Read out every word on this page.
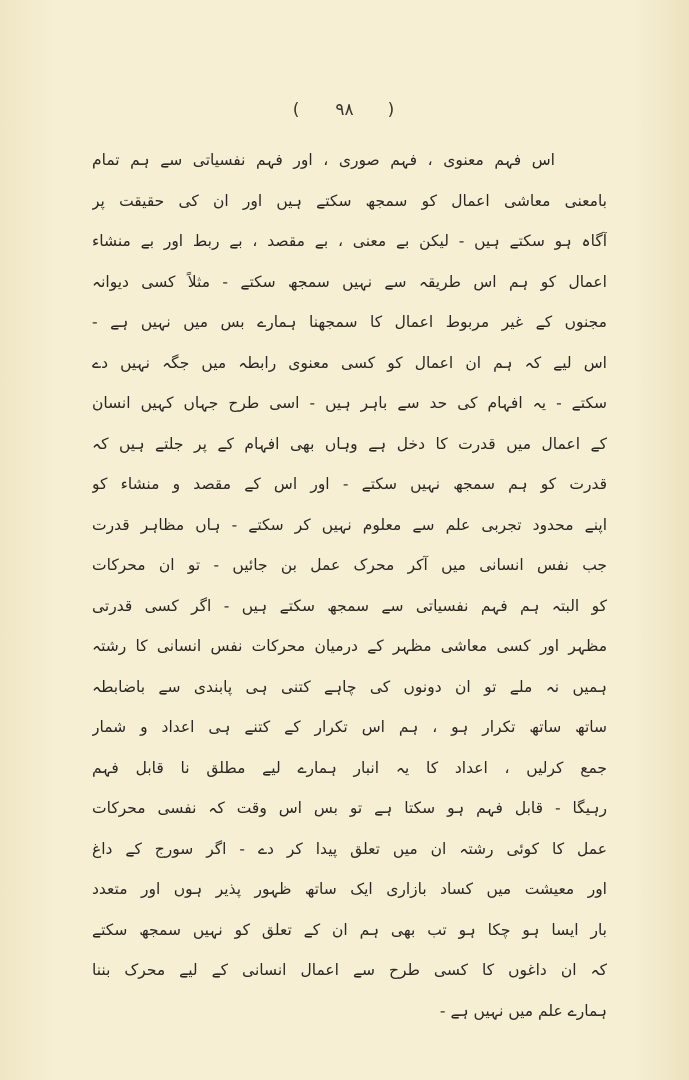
( ۹۸ )
اس فہم معنوی ، فہم صوری ، اور فہم نفسیاتی سے ہم تمام
بامعنی معاشی اعمال کو سمجھ سکتے ہیں اور ان کی حقیقت پر
آگاہ ہو سکتے ہیں - لیکن بے معنی ، بے مقصد ، بے ربط اور بے منشاء
اعمال کو ہم اس طریقہ سے نہیں سمجھ سکتے - مثلاً کسی دیوانہ
مجنوں کے غیر مربوط اعمال کا سمجھنا ہمارے بس میں نہیں ہے -
اس لیے کہ ہم ان اعمال کو کسی معنوی رابطہ میں جگہ نہیں دے
سکتے - یہ افہام کی حد سے باہر ہیں - اسی طرح جہاں کہیں انسان
کے اعمال میں قدرت کا دخل ہے وہاں بھی افہام کے پر جلتے ہیں کہ
قدرت کو ہم سمجھ نہیں سکتے - اور اس کے مقصد و منشاء کو
اپنے محدود تجربی علم سے معلوم نہیں کر سکتے - ہاں مظاہر قدرت
جب نفس انسانی میں آکر محرک عمل بن جائیں - تو ان محرکات
کو البتہ ہم فہم نفسیاتی سے سمجھ سکتے ہیں - اگر کسی قدرتی
مظہر اور کسی معاشی مظہر کے درمیان محرکات نفس انسانی کا رشتہ
ہمیں نہ ملے تو ان دونوں کی چاہے کتنی ہی پابندی سے باضابطہ
ساتھ ساتھ تکرار ہو ، ہم اس تکرار کے کتنے ہی اعداد و شمار
جمع کرلیں ، اعداد کا یہ انبار ہمارے لیے مطلق نا قابل فہم
رہیگا - قابل فہم ہو سکتا ہے تو بس اس وقت کہ نفسی محرکات
عمل کا کوئی رشتہ ان میں تعلق پیدا کر دے - اگر سورج کے داغ
اور معیشت میں کساد بازاری ایک ساتھ ظہور پذیر ہوں اور متعدد
بار ایسا ہو چکا ہو تب بھی ہم ان کے تعلق کو نہیں سمجھ سکتے
کہ ان داغوں کا کسی طرح سے اعمال انسانی کے لیے محرک بننا
ہمارے علم میں نہیں ہے -
